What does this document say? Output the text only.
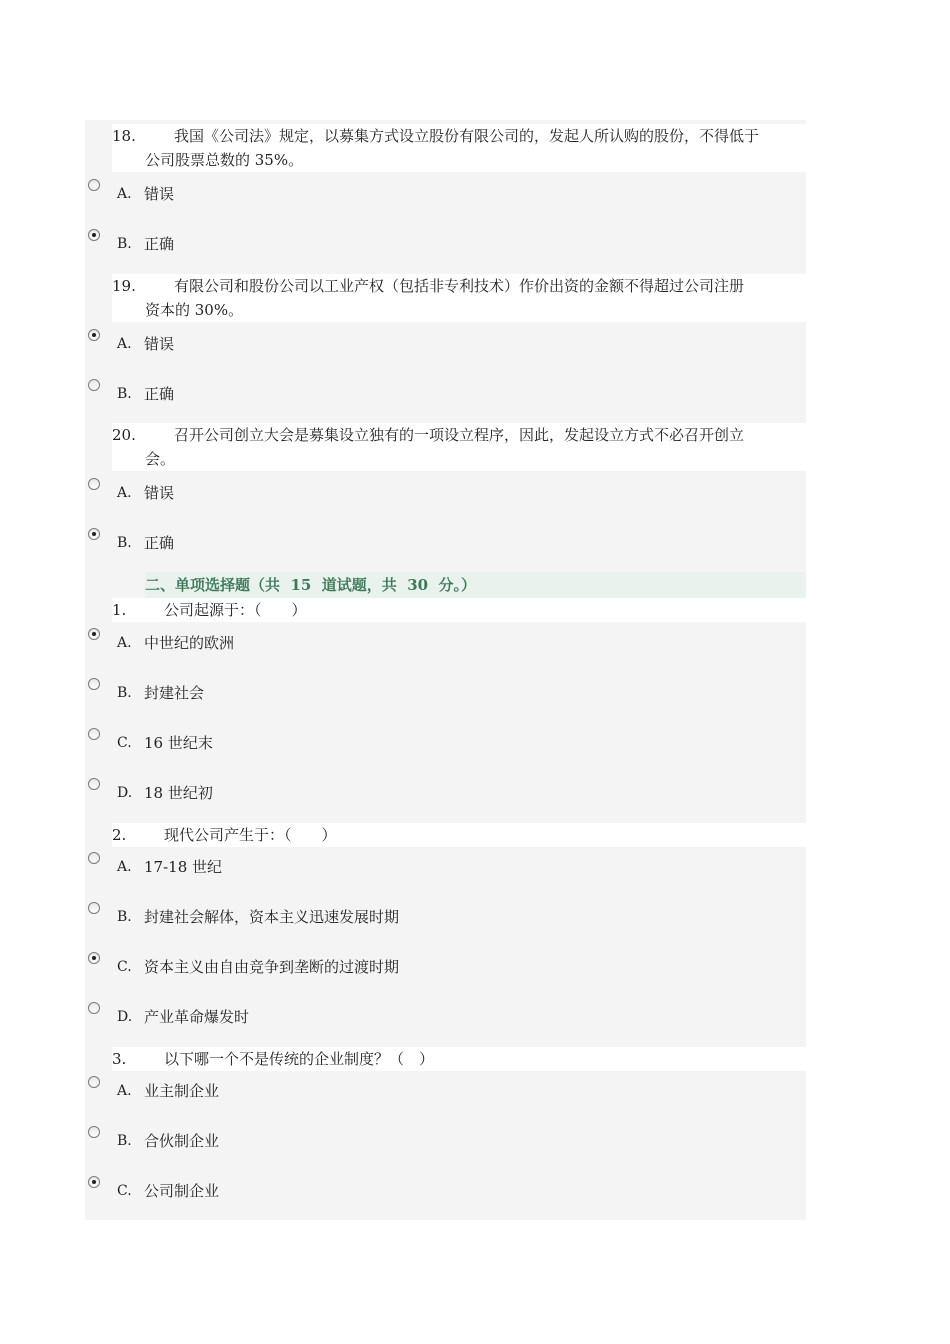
18.	我国《公司法》规定，以募集方式设立股份有限公司的，发起人所认购的股份，不得低于
公司股票总数的 35%。
A. 错误
B. 正确
19.	有限公司和股份公司以工业产权（包括非专利技术）作价出资的金额不得超过公司注册
资本的 30%。
A. 错误
B. 正确
20.	召开公司创立大会是募集设立独有的一项设立程序，因此，发起设立方式不必召开创立
会。
A. 错误
B. 正确
二、单项选择题（共  15  道试题，共  30  分。）
1.	公司起源于：（　　）
A. 中世纪的欧洲
B. 封建社会
C. 16 世纪末
D. 18 世纪初
2.	现代公司产生于：（　　）
A. 17-18 世纪
B. 封建社会解体，资本主义迅速发展时期
C. 资本主义由自由竞争到垄断的过渡时期
D. 产业革命爆发时
3.	以下哪一个不是传统的企业制度？（　）
A. 业主制企业
B. 合伙制企业
C. 公司制企业
